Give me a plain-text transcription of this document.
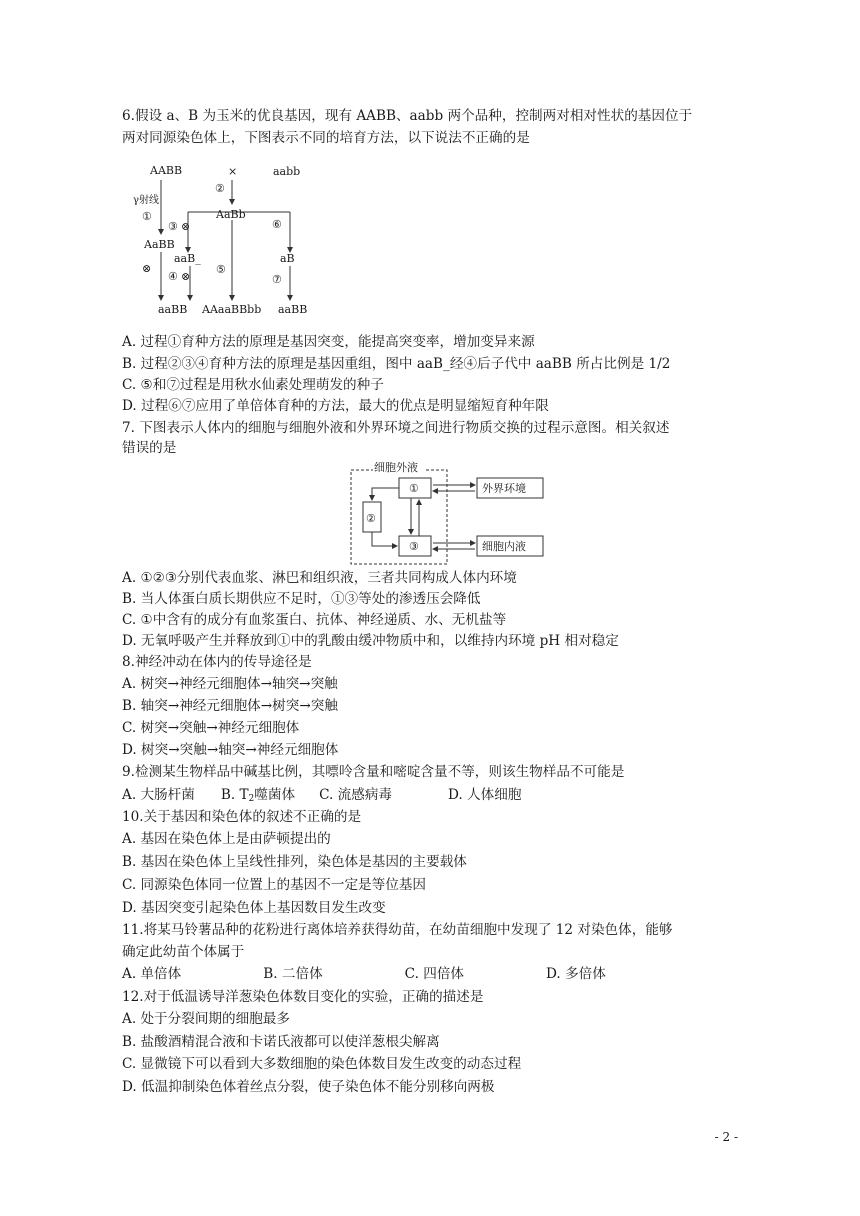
6.假设 a、B 为玉米的优良基因，现有 AABB、aabb 两个品种，控制两对相对性状的基因位于
两对同源染色体上，下图表示不同的培育方法，以下说法不正确的是
AABB	×	aabb
②
γ射线
①	AaBb
⑥
③ ⊗
AaBB
aaB_	aB
⊗
④ ⊗
⑤
⑦
aaBB AAaaBBbb aaBB
A. 过程①育种方法的原理是基因突变，能提高突变率，增加变异来源
B. 过程②③④育种方法的原理是基因重组，图中 aaB_经④后子代中 aaBB 所占比例是 1/2
C. ⑤和⑦过程是用秋水仙素处理萌发的种子
D. 过程⑥⑦应用了单倍体育种的方法，最大的优点是明显缩短育种年限
7. 下图表示人体内的细胞与细胞外液和外界环境之间进行物质交换的过程示意图。相关叙述
错误的是
细胞外液
①
②
③
外界环境
细胞内液
A. ①②③分别代表血浆、淋巴和组织液，三者共同构成人体内环境
B. 当人体蛋白质长期供应不足时，①③等处的渗透压会降低
C. ①中含有的成分有血浆蛋白、抗体、神经递质、水、无机盐等
D. 无氧呼吸产生并释放到①中的乳酸由缓冲物质中和，以维持内环境 pH 相对稳定
8.神经冲动在体内的传导途径是
A. 树突→神经元细胞体→轴突→突触
B. 轴突→神经元细胞体→树突→突触
C. 树突→突触→神经元细胞体
D. 树突→突触→轴突→神经元细胞体
9.检测某生物样品中碱基比例，其嘌呤含量和嘧啶含量不等，则该生物样品不可能是
A. 大肠杆菌 B. $T_2$噬菌体 C. 流感病毒	D. 人体细胞
10.关于基因和染色体的叙述不正确的是
A. 基因在染色体上是由萨顿提出的
B. 基因在染色体上呈线性排列，染色体是基因的主要载体
C. 同源染色体同一位置上的基因不一定是等位基因
D. 基因突变引起染色体上基因数目发生改变
11.将某马铃薯品种的花粉进行离体培养获得幼苗，在幼苗细胞中发现了 12 对染色体，能够
确定此幼苗个体属于
A. 单倍体	B. 二倍体	C. 四倍体	D. 多倍体
12.对于低温诱导洋葱染色体数目变化的实验，正确的描述是
A. 处于分裂间期的细胞最多
B. 盐酸酒精混合液和卡诺氏液都可以使洋葱根尖解离
C. 显微镜下可以看到大多数细胞的染色体数目发生改变的动态过程
D. 低温抑制染色体着丝点分裂，使子染色体不能分别移向两极
- 2 -
